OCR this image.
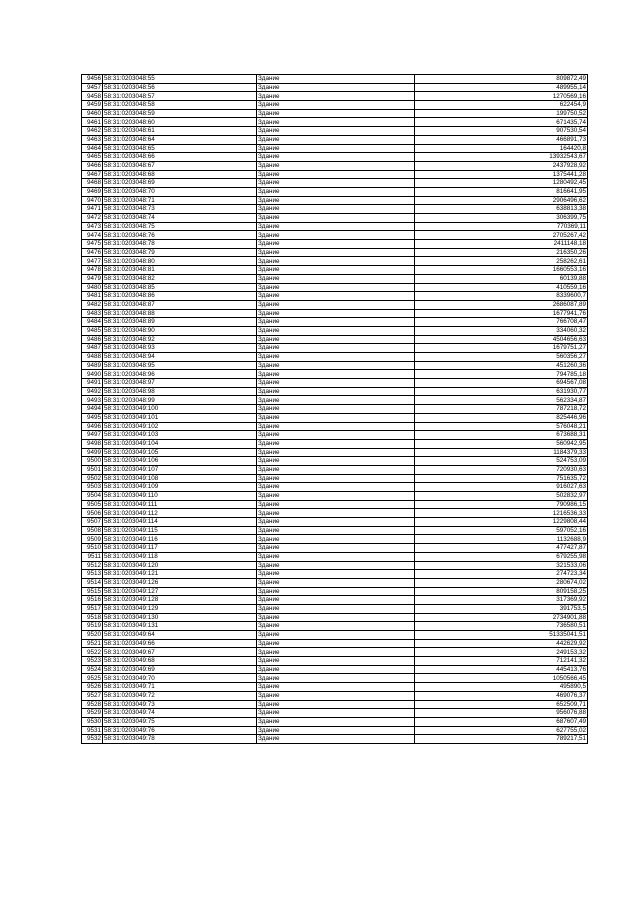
9456	58:31:0203048:55	Здание	809872,49
9457	58:31:0203048:56	Здание	489955,14
9458	58:31:0203048:57	Здание	1270569,16
9459	58:31:0203048:58	Здание	622454,9
9460	58:31:0203048:59	Здание	199750,52
9461	58:31:0203048:60	Здание	671435,74
9462	58:31:0203048:61	Здание	907530,54
9463	58:31:0203048:64	Здание	466891,73
9464	58:31:0203048:65	Здание	164420,8
9465	58:31:0203048:66	Здание	13932543,67
9466	58:31:0203048:67	Здание	2437928,92
9467	58:31:0203048:68	Здание	1375441,28
9468	58:31:0203048:69	Здание	1280492,45
9469	58:31:0203048:70	Здание	816641,95
9470	58:31:0203048:71	Здание	2906496,62
9471	58:31:0203048:73	Здание	638813,38
9472	58:31:0203048:74	Здание	306399,75
9473	58:31:0203048:75	Здание	770369,11
9474	58:31:0203048:76	Здание	2705267,42
9475	58:31:0203048:78	Здание	2411148,18
9476	58:31:0203048:79	Здание	216350,26
9477	58:31:0203048:80	Здание	258262,61
9478	58:31:0203048:81	Здание	1660553,16
9479	58:31:0203048:82	Здание	60139,88
9480	58:31:0203048:85	Здание	410559,16
9481	58:31:0203048:86	Здание	8339600,7
9482	58:31:0203048:87	Здание	2686087,89
9483	58:31:0203048:88	Здание	1677941,76
9484	58:31:0203048:89	Здание	766708,47
9485	58:31:0203048:90	Здание	334060,32
9486	58:31:0203048:92	Здание	4504656,63
9487	58:31:0203048:93	Здание	1679751,27
9488	58:31:0203048:94	Здание	560356,27
9489	58:31:0203048:95	Здание	451260,36
9490	58:31:0203048:96	Здание	794785,18
9491	58:31:0203048:97	Здание	694567,08
9492	58:31:0203048:98	Здание	631930,77
9493	58:31:0203048:99	Здание	562334,87
9494	58:31:0203049:100	Здание	787218,72
9495	58:31:0203049:101	Здание	825446,96
9496	58:31:0203049:102	Здание	576048,21
9497	58:31:0203049:103	Здание	673688,31
9498	58:31:0203049:104	Здание	560942,95
9499	58:31:0203049:105	Здание	1184379,33
9500	58:31:0203049:106	Здание	524753,09
9501	58:31:0203049:107	Здание	720930,63
9502	58:31:0203049:108	Здание	751635,72
9503	58:31:0203049:109	Здание	916027,63
9504	58:31:0203049:110	Здание	502832,97
9505	58:31:0203049:111	Здание	790986,15
9506	58:31:0203049:112	Здание	1216536,33
9507	58:31:0203049:114	Здание	1229808,44
9508	58:31:0203049:115	Здание	597052,16
9509	58:31:0203049:116	Здание	1132688,9
9510	58:31:0203049:117	Здание	477427,87
9511	58:31:0203049:118	Здание	679255,98
9512	58:31:0203049:120	Здание	321533,06
9513	58:31:0203049:121	Здание	274723,34
9514	58:31:0203049:126	Здание	280674,02
9515	58:31:0203049:127	Здание	809158,25
9516	58:31:0203049:128	Здание	317369,92
9517	58:31:0203049:129	Здание	391753,5
9518	58:31:0203049:130	Здание	2734901,88
9519	58:31:0203049:131	Здание	736580,51
9520	58:31:0203049:64	Здание	51335041,51
9521	58:31:0203049:66	Здание	442629,92
9522	58:31:0203049:67	Здание	249153,32
9523	58:31:0203049:68	Здание	712141,32
9524	58:31:0203049:69	Здание	445413,76
9525	58:31:0203049:70	Здание	1050566,45
9526	58:31:0203049:71	Здание	495890,5
9527	58:31:0203049:72	Здание	469076,37
9528	58:31:0203049:73	Здание	652509,71
9529	58:31:0203049:74	Здание	956076,88
9530	58:31:0203049:75	Здание	687607,49
9531	58:31:0203049:76	Здание	627755,02
9532	58:31:0203049:78	Здание	789217,51
